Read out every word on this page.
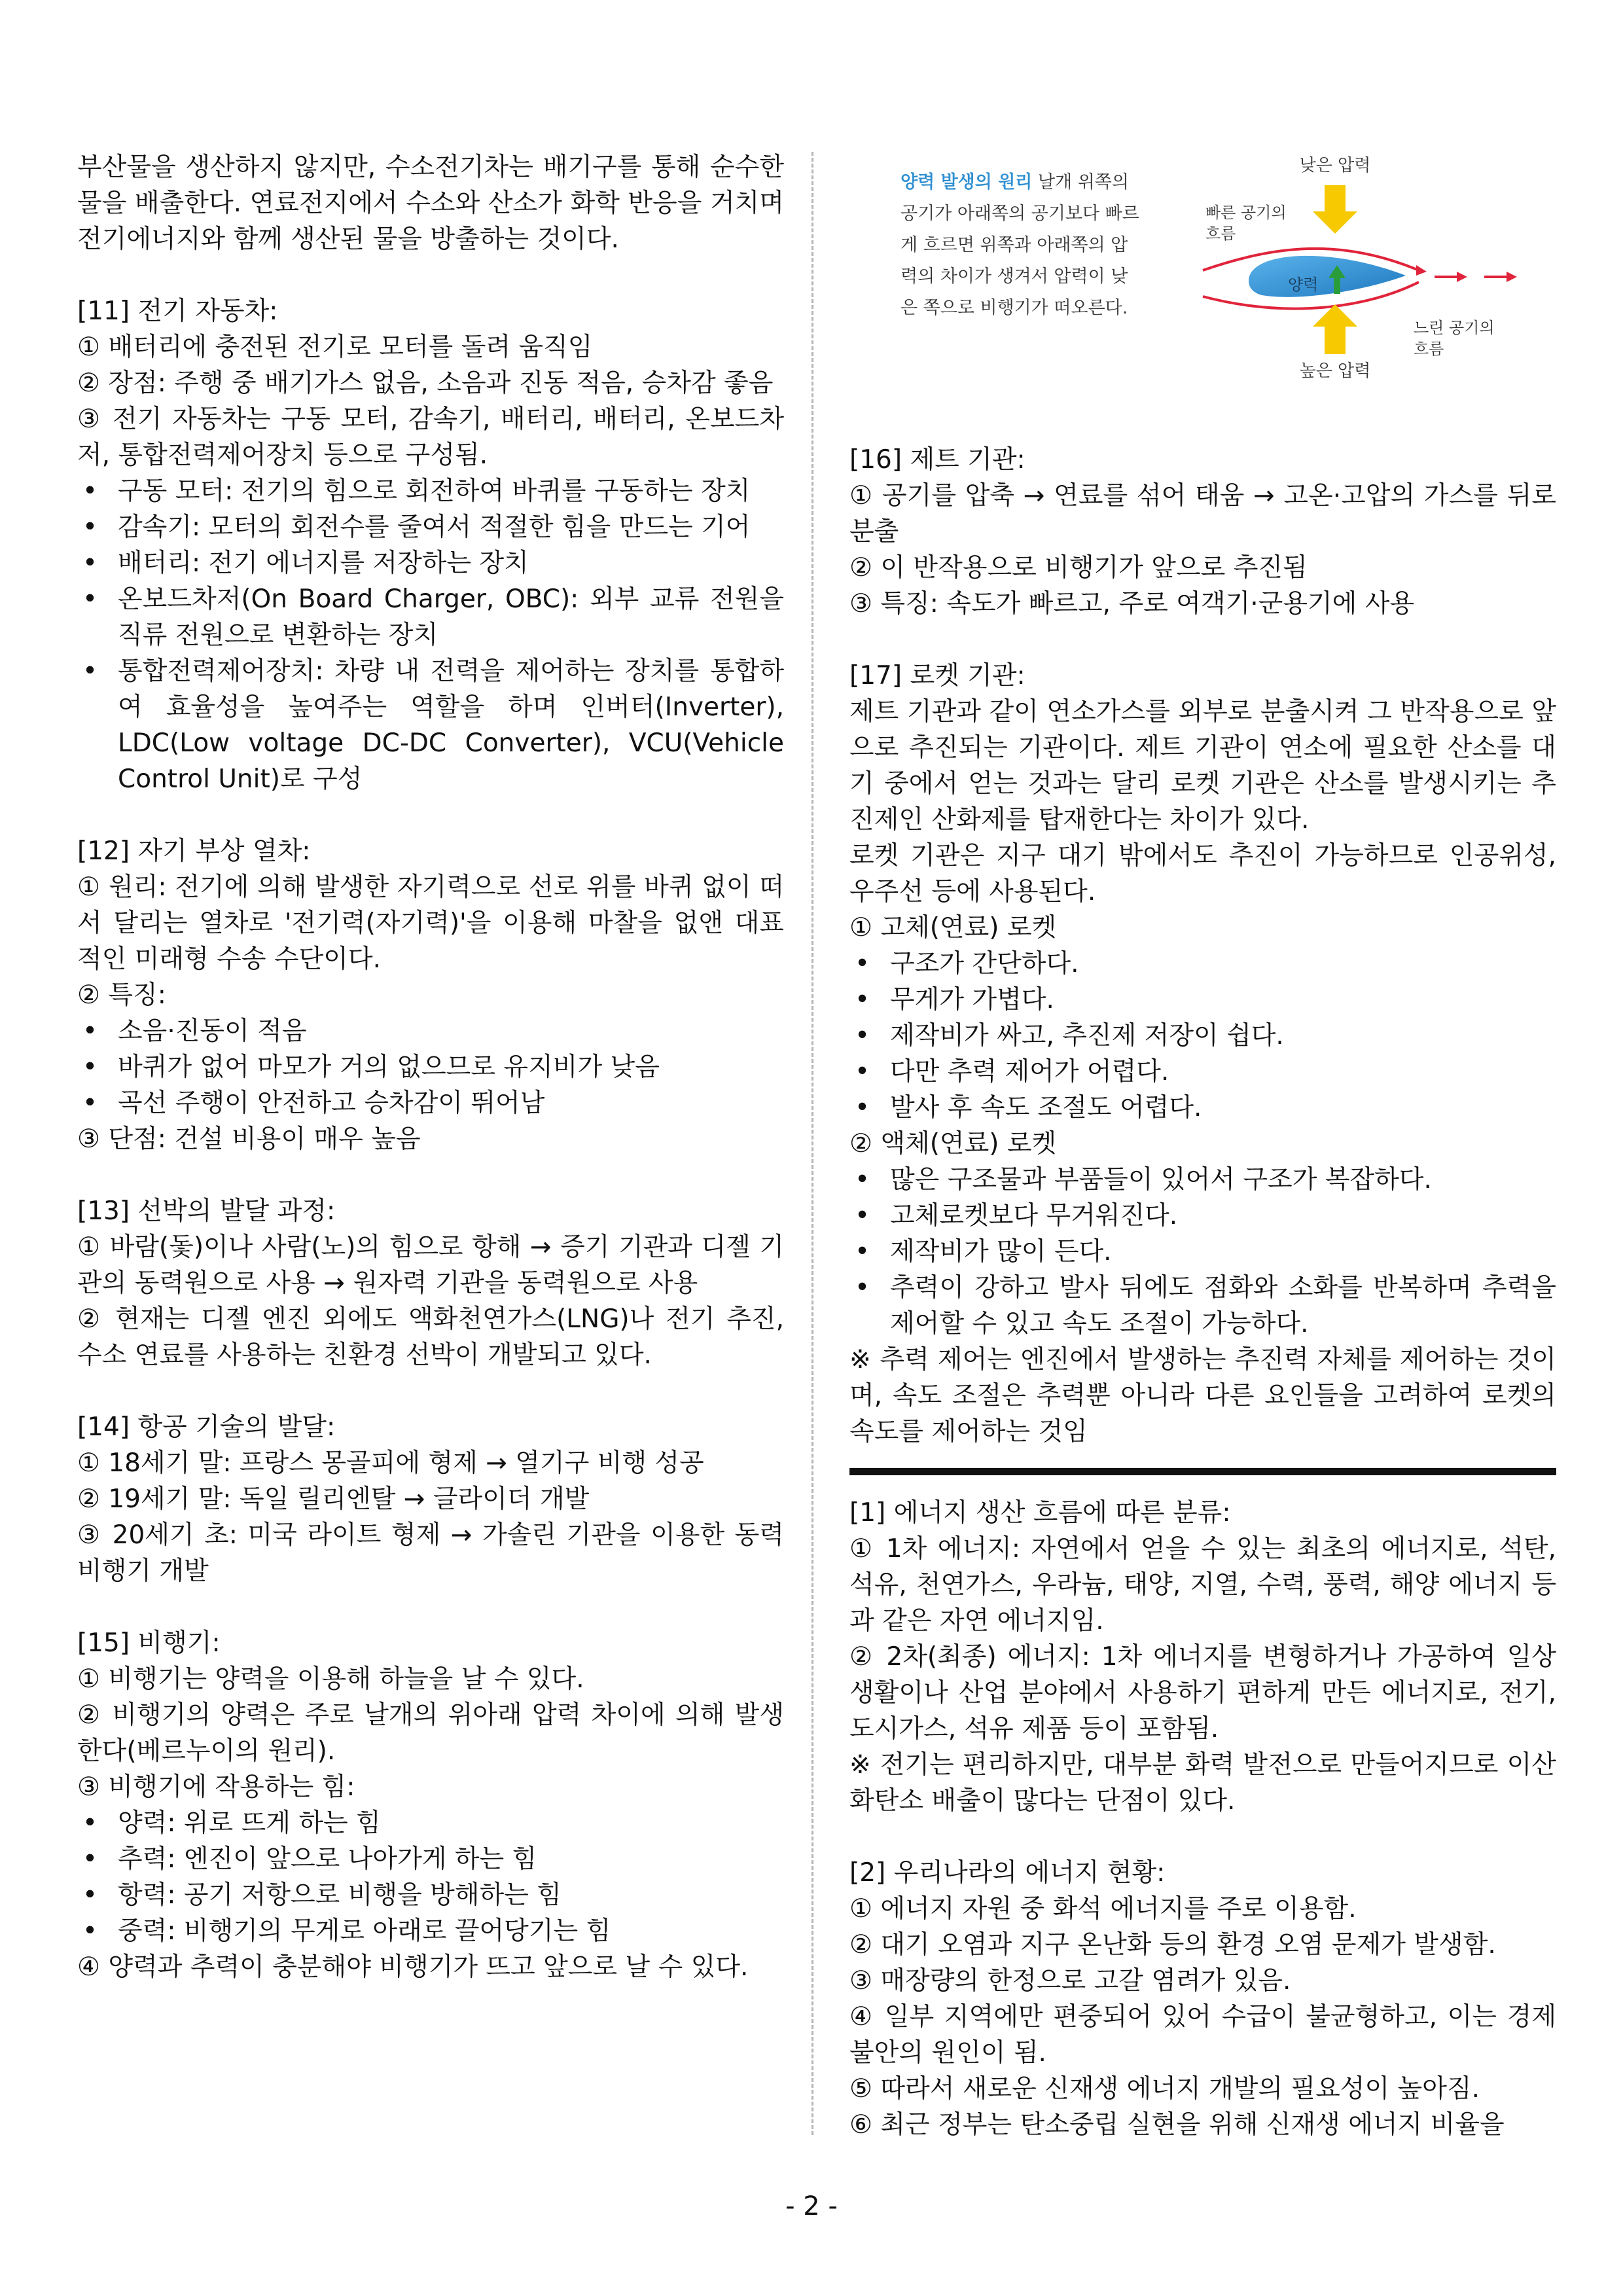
부산물을 생산하지 않지만, 수소전기차는 배기구를 통해 순수한 물을 배출한다. 연료전지에서 수소와 산소가 화학 반응을 거치며 전기에너지와 함께 생산된 물을 방출하는 것이다.

[11] 전기 자동차:

① 배터리에 충전된 전기로 모터를 돌려 움직임

② 장점: 주행 중 배기가스 없음, 소음과 진동 적음, 승차감 좋음

③ 전기 자동차는 구동 모터, 감속기, 배터리, 배터리, 온보드차저, 통합전력제어장치 등으로 구성됨.

• 구동 모터: 전기의 힘으로 회전하여 바퀴를 구동하는 장치
• 감속기: 모터의 회전수를 줄여서 적절한 힘을 만드는 기어
• 배터리: 전기 에너지를 저장하는 장치
• 온보드차저(On Board Charger, OBC): 외부 교류 전원을 직류 전원으로 변환하는 장치
• 통합전력제어장치: 차량 내 전력을 제어하는 장치를 통합하여 효율성을 높여주는 역할을 하며 인버터(Inverter), LDC(Low voltage DC-DC Converter), VCU(Vehicle Control Unit)로 구성

[12] 자기 부상 열차:

① 원리: 전기에 의해 발생한 자기력으로 선로 위를 바퀴 없이 떠서 달리는 열차로 '전기력(자기력)'을 이용해 마찰을 없앤 대표적인 미래형 수송 수단이다.

② 특징:

• 소음·진동이 적음
• 바퀴가 없어 마모가 거의 없으므로 유지비가 낮음
• 곡선 주행이 안전하고 승차감이 뛰어남

③ 단점: 건설 비용이 매우 높음

[13] 선박의 발달 과정:

① 바람(돛)이나 사람(노)의 힘으로 항해 → 증기 기관과 디젤 기관의 동력원으로 사용 → 원자력 기관을 동력원으로 사용

② 현재는 디젤 엔진 외에도 액화천연가스(LNG)나 전기 추진, 수소 연료를 사용하는 친환경 선박이 개발되고 있다.

[14] 항공 기술의 발달:

① 18세기 말: 프랑스 몽골피에 형제 → 열기구 비행 성공

② 19세기 말: 독일 릴리엔탈 → 글라이더 개발

③ 20세기 초: 미국 라이트 형제 → 가솔린 기관을 이용한 동력 비행기 개발

[15] 비행기:

① 비행기는 양력을 이용해 하늘을 날 수 있다.

② 비행기의 양력은 주로 날개의 위아래 압력 차이에 의해 발생한다(베르누이의 원리).

③ 비행기에 작용하는 힘:

• 양력: 위로 뜨게 하는 힘
• 추력: 엔진이 앞으로 나아가게 하는 힘
• 항력: 공기 저항으로 비행을 방해하는 힘
• 중력: 비행기의 무게로 아래로 끌어당기는 힘

④ 양력과 추력이 충분해야 비행기가 뜨고 앞으로 날 수 있다.

양력 발생의 원리 날개 위쪽의 공기가 아래쪽의 공기보다 빠르게 흐르면 위쪽과 아래쪽의 압력의 차이가 생겨서 압력이 낮은 쪽으로 비행기가 떠오른다.
낮은 압력
빠른 공기의
흐름
양력
높은 압력
느린 공기의
흐름

[16] 제트 기관:

① 공기를 압축 → 연료를 섞어 태움 → 고온·고압의 가스를 뒤로 분출

② 이 반작용으로 비행기가 앞으로 추진됨

③ 특징: 속도가 빠르고, 주로 여객기·군용기에 사용

[17] 로켓 기관:

제트 기관과 같이 연소가스를 외부로 분출시켜 그 반작용으로 앞으로 추진되는 기관이다. 제트 기관이 연소에 필요한 산소를 대기 중에서 얻는 것과는 달리 로켓 기관은 산소를 발생시키는 추진제인 산화제를 탑재한다는 차이가 있다.

로켓 기관은 지구 대기 밖에서도 추진이 가능하므로 인공위성, 우주선 등에 사용된다.

① 고체(연료) 로켓

• 구조가 간단하다.
• 무게가 가볍다.
• 제작비가 싸고, 추진제 저장이 쉽다.
• 다만 추력 제어가 어렵다.
• 발사 후 속도 조절도 어렵다.

② 액체(연료) 로켓

• 많은 구조물과 부품들이 있어서 구조가 복잡하다.
• 고체로켓보다 무거워진다.
• 제작비가 많이 든다.
• 추력이 강하고 발사 뒤에도 점화와 소화를 반복하며 추력을 제어할 수 있고 속도 조절이 가능하다.

※ 추력 제어는 엔진에서 발생하는 추진력 자체를 제어하는 것이며, 속도 조절은 추력뿐 아니라 다른 요인들을 고려하여 로켓의 속도를 제어하는 것임

[1] 에너지 생산 흐름에 따른 분류:

① 1차 에너지: 자연에서 얻을 수 있는 최초의 에너지로, 석탄, 석유, 천연가스, 우라늄, 태양, 지열, 수력, 풍력, 해양 에너지 등과 같은 자연 에너지임.

② 2차(최종) 에너지: 1차 에너지를 변형하거나 가공하여 일상생활이나 산업 분야에서 사용하기 편하게 만든 에너지로, 전기, 도시가스, 석유 제품 등이 포함됨.

※ 전기는 편리하지만, 대부분 화력 발전으로 만들어지므로 이산화탄소 배출이 많다는 단점이 있다.

[2] 우리나라의 에너지 현황:

① 에너지 자원 중 화석 에너지를 주로 이용함.

② 대기 오염과 지구 온난화 등의 환경 오염 문제가 발생함.

③ 매장량의 한정으로 고갈 염려가 있음.

④ 일부 지역에만 편중되어 있어 수급이 불균형하고, 이는 경제 불안의 원인이 됨.

⑤ 따라서 새로운 신재생 에너지 개발의 필요성이 높아짐.

⑥ 최근 정부는 탄소중립 실현을 위해 신재생 에너지 비율을

- 2 -
